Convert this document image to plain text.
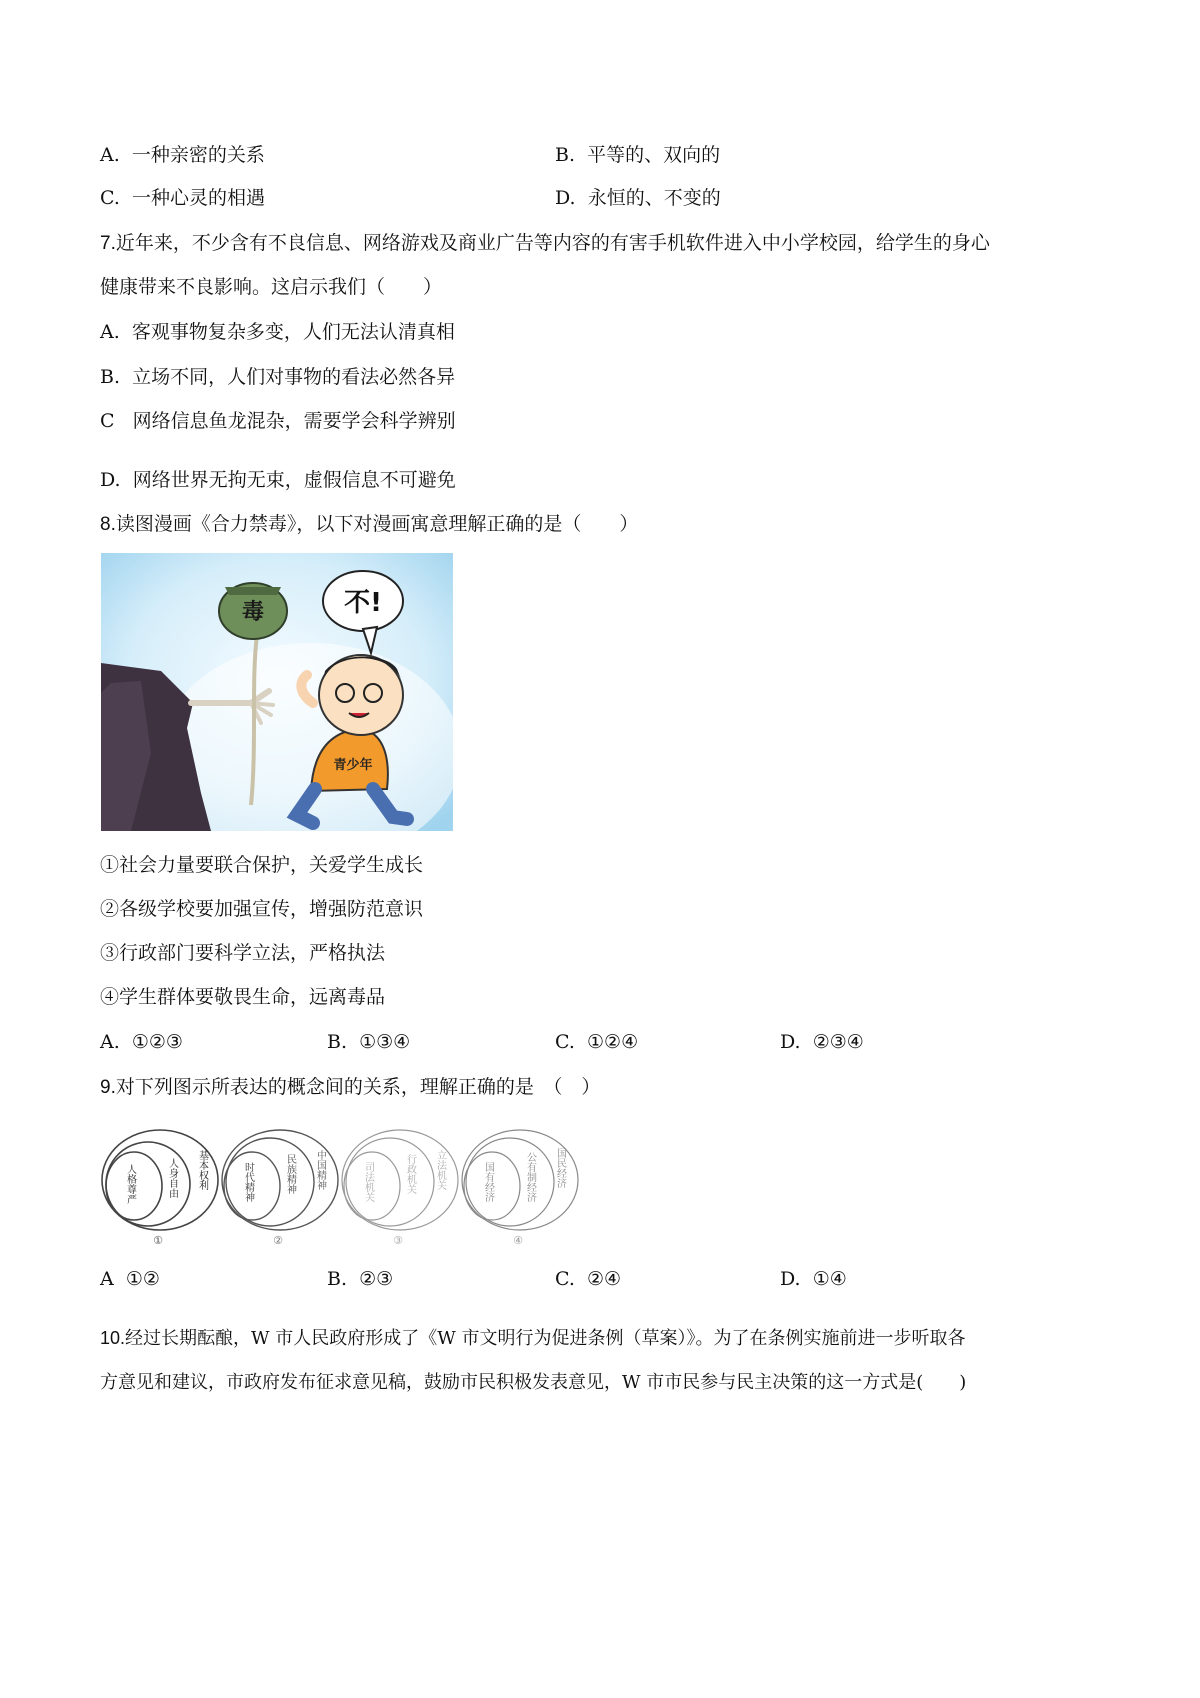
A. 一种亲密的关系	B. 平等的、双向的
C. 一种心灵的相遇	D. 永恒的、不变的
7.近年来，不少含有不良信息、网络游戏及商业广告等内容的有害手机软件进入中小学校园，给学生的身心
健康带来不良影响。这启示我们（　　）
A. 客观事物复杂多变，人们无法认清真相
B. 立场不同，人们对事物的看法必然各异
C 网络信息鱼龙混杂，需要学会科学辨别
D. 网络世界无拘无束，虚假信息不可避免
8.读图漫画《合力禁毒》，以下对漫画寓意理解正确的是（　　）
毒	不!
青少年
①社会力量要联合保护，关爱学生成长
②各级学校要加强宣传，增强防范意识
③行政部门要科学立法，严格执法
④学生群体要敬畏生命，远离毒品
A. ①②③	B. ①③④	C. ①②④	D. ②③④
9.对下列图示所表达的概念间的关系，理解正确的是　（　）
人格尊严	人身自由 基本权利
①
时代精神	民族精神 中国精神
②
司法机关	行政机关 立法机关
③
国有经济	公有制经济 国民经济
④
A ①②	B. ②③	C. ②④	D. ①④
10.经过长期酝酿，W 市人民政府形成了《W 市文明行为促进条例（草案）》。为了在条例实施前进一步听取各
方意见和建议，市政府发布征求意见稿，鼓励市民积极发表意见，W 市市民参与民主决策的这一方式是(　　)
